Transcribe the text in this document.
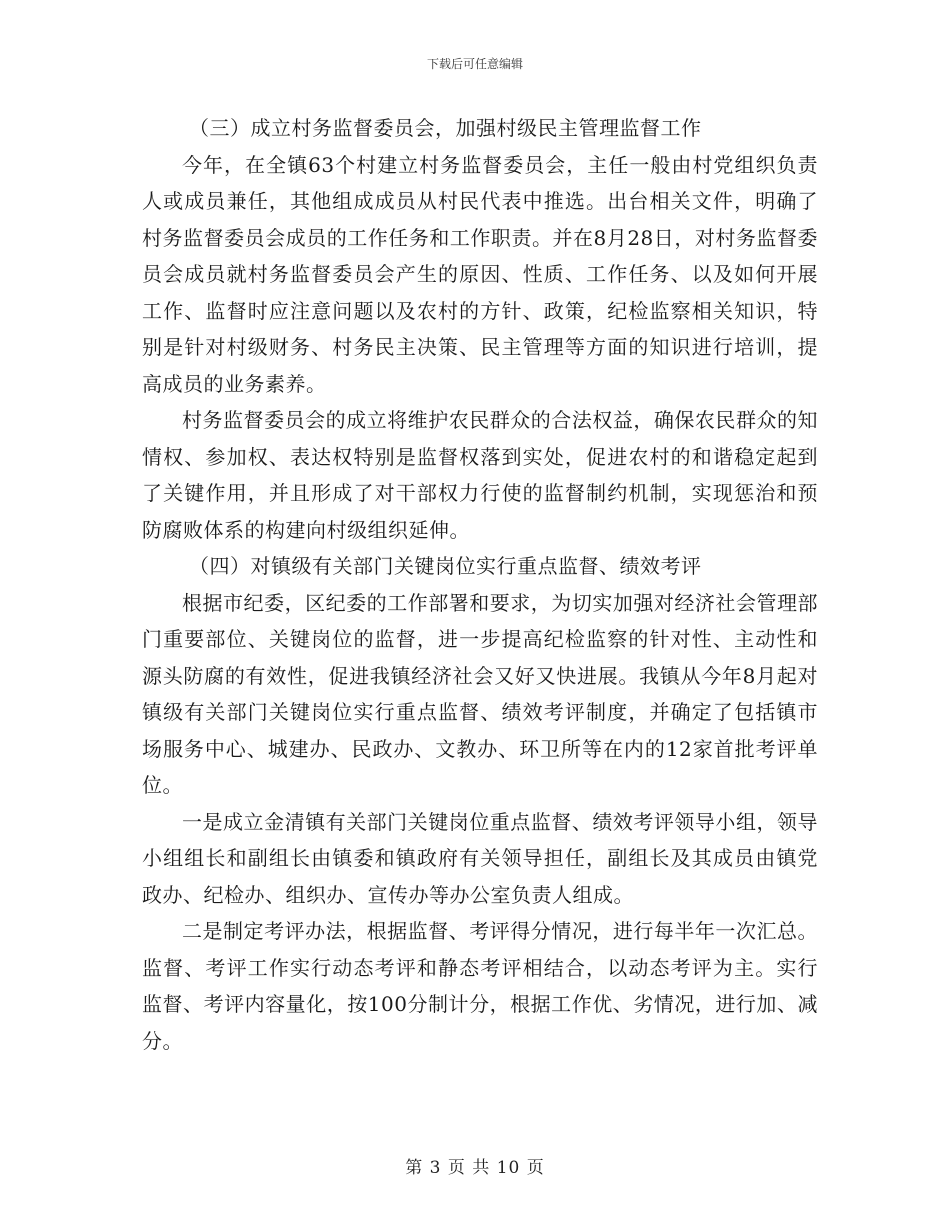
下载后可任意编辑

（三）成立村务监督委员会，加强村级民主管理监督工作

今年，在全镇63个村建立村务监督委员会，主任一般由村党组织负责人或成员兼任，其他组成成员从村民代表中推选。出台相关文件，明确了村务监督委员会成员的工作任务和工作职责。并在8月28日，对村务监督委员会成员就村务监督委员会产生的原因、性质、工作任务、以及如何开展工作、监督时应注意问题以及农村的方针、政策，纪检监察相关知识，特别是针对村级财务、村务民主决策、民主管理等方面的知识进行培训，提高成员的业务素养。

村务监督委员会的成立将维护农民群众的合法权益，确保农民群众的知情权、参加权、表达权特别是监督权落到实处，促进农村的和谐稳定起到了关键作用，并且形成了对干部权力行使的监督制约机制，实现惩治和预防腐败体系的构建向村级组织延伸。

（四）对镇级有关部门关键岗位实行重点监督、绩效考评

根据市纪委，区纪委的工作部署和要求，为切实加强对经济社会管理部门重要部位、关键岗位的监督，进一步提高纪检监察的针对性、主动性和源头防腐的有效性，促进我镇经济社会又好又快进展。我镇从今年8月起对镇级有关部门关键岗位实行重点监督、绩效考评制度，并确定了包括镇市场服务中心、城建办、民政办、文教办、环卫所等在内的12家首批考评单位。

一是成立金清镇有关部门关键岗位重点监督、绩效考评领导小组，领导小组组长和副组长由镇委和镇政府有关领导担任，副组长及其成员由镇党政办、纪检办、组织办、宣传办等办公室负责人组成。

二是制定考评办法，根据监督、考评得分情况，进行每半年一次汇总。监督、考评工作实行动态考评和静态考评相结合，以动态考评为主。实行监督、考评内容量化，按100分制计分，根据工作优、劣情况，进行加、减分。

第 3 页 共 10 页
